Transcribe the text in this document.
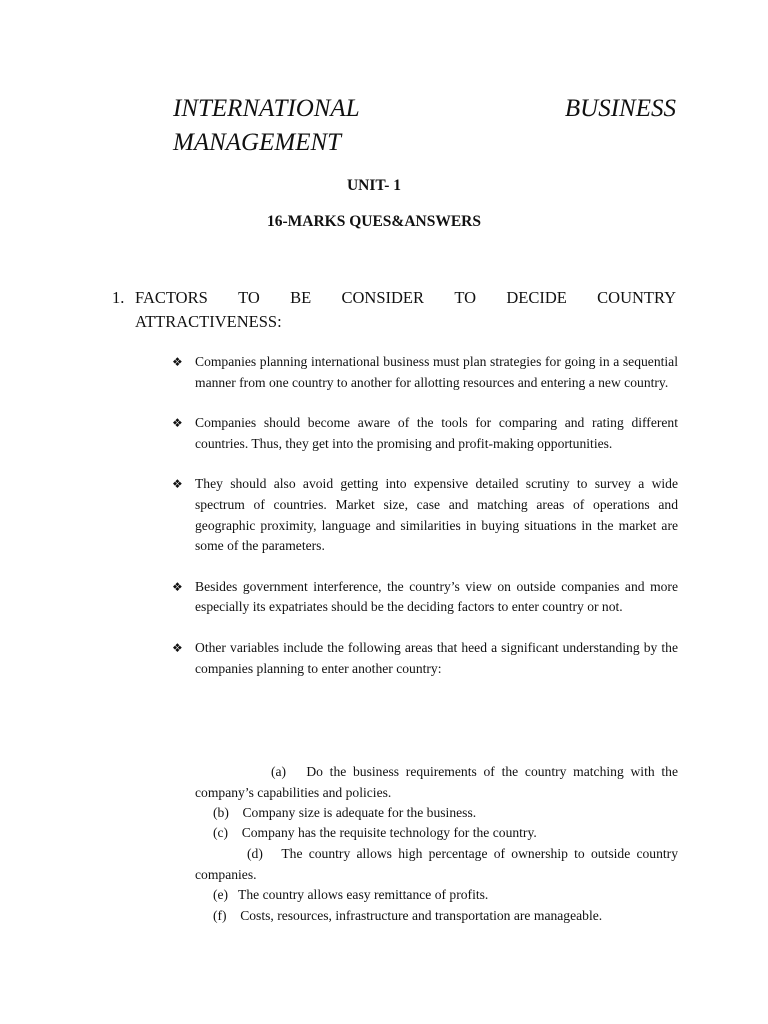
INTERNATIONAL	BUSINESS
MANAGEMENT
UNIT- 1
16-MARKS QUES&ANSWERS
1. FACTORS TO BE CONSIDER TO DECIDE COUNTRY
ATTRACTIVENESS:
❖ Companies planning international business must plan strategies for going in a sequential manner from one country to another for allotting resources and entering a new country.
❖ Companies should become aware of the tools for comparing and rating different countries. Thus, they get into the promising and profit-making opportunities.
❖ They should also avoid getting into expensive detailed scrutiny to survey a wide spectrum of countries. Market size, case and matching areas of operations and geographic proximity, language and similarities in buying situations in the market are some of the parameters.
❖ Besides government interference, the country’s view on outside companies and more especially its expatriates should be the deciding factors to enter country or not.
❖ Other variables include the following areas that heed a significant understanding by the companies planning to enter another country:
(a) Do the business requirements of the country matching with the company’s capabilities and policies.
(b) Company size is adequate for the business.
(c) Company has the requisite technology for the country.
(d) The country allows high percentage of ownership to outside country companies.
(e) The country allows easy remittance of profits.
(f) Costs, resources, infrastructure and transportation are manageable.
